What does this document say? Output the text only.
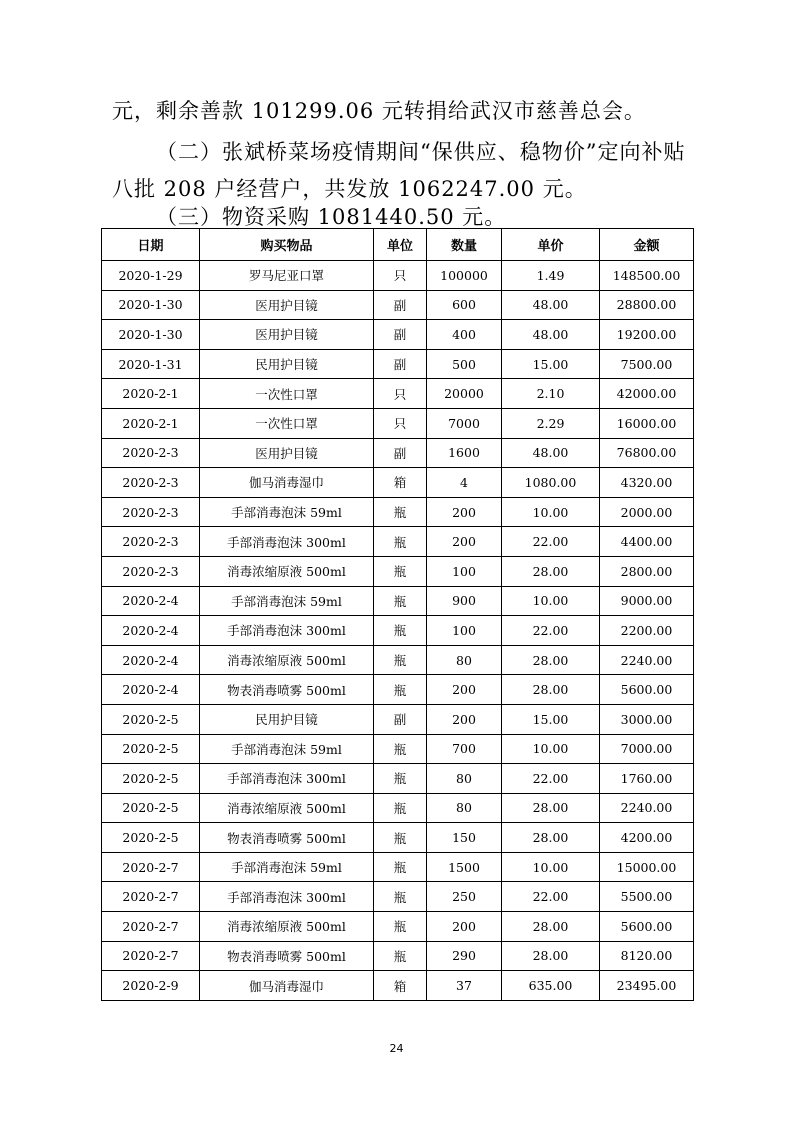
元，剩余善款 101299.06 元转捐给武汉市慈善总会。
（二）张斌桥菜场疫情期间“保供应、稳物价”定向补贴
八批 208 户经营户，共发放 1062247.00 元。
（三）物资采购 1081440.50 元。
日期	购买物品	单位	数量	单价	金额
2020-1-29	罗马尼亚口罩	只	100000	1.49	148500.00
2020-1-30	医用护目镜	副	600	48.00	28800.00
2020-1-30	医用护目镜	副	400	48.00	19200.00
2020-1-31	民用护目镜	副	500	15.00	7500.00
2020-2-1	一次性口罩	只	20000	2.10	42000.00
2020-2-1	一次性口罩	只	7000	2.29	16000.00
2020-2-3	医用护目镜	副	1600	48.00	76800.00
2020-2-3	伽马消毒湿巾	箱	4	1080.00	4320.00
2020-2-3	手部消毒泡沫 59ml	瓶	200	10.00	2000.00
2020-2-3	手部消毒泡沫 300ml	瓶	200	22.00	4400.00
2020-2-3	消毒浓缩原液 500ml	瓶	100	28.00	2800.00
2020-2-4	手部消毒泡沫 59ml	瓶	900	10.00	9000.00
2020-2-4	手部消毒泡沫 300ml	瓶	100	22.00	2200.00
2020-2-4	消毒浓缩原液 500ml	瓶	80	28.00	2240.00
2020-2-4	物表消毒喷雾 500ml	瓶	200	28.00	5600.00
2020-2-5	民用护目镜	副	200	15.00	3000.00
2020-2-5	手部消毒泡沫 59ml	瓶	700	10.00	7000.00
2020-2-5	手部消毒泡沫 300ml	瓶	80	22.00	1760.00
2020-2-5	消毒浓缩原液 500ml	瓶	80	28.00	2240.00
2020-2-5	物表消毒喷雾 500ml	瓶	150	28.00	4200.00
2020-2-7	手部消毒泡沫 59ml	瓶	1500	10.00	15000.00
2020-2-7	手部消毒泡沫 300ml	瓶	250	22.00	5500.00
2020-2-7	消毒浓缩原液 500ml	瓶	200	28.00	5600.00
2020-2-7	物表消毒喷雾 500ml	瓶	290	28.00	8120.00
2020-2-9	伽马消毒湿巾	箱	37	635.00	23495.00
24
